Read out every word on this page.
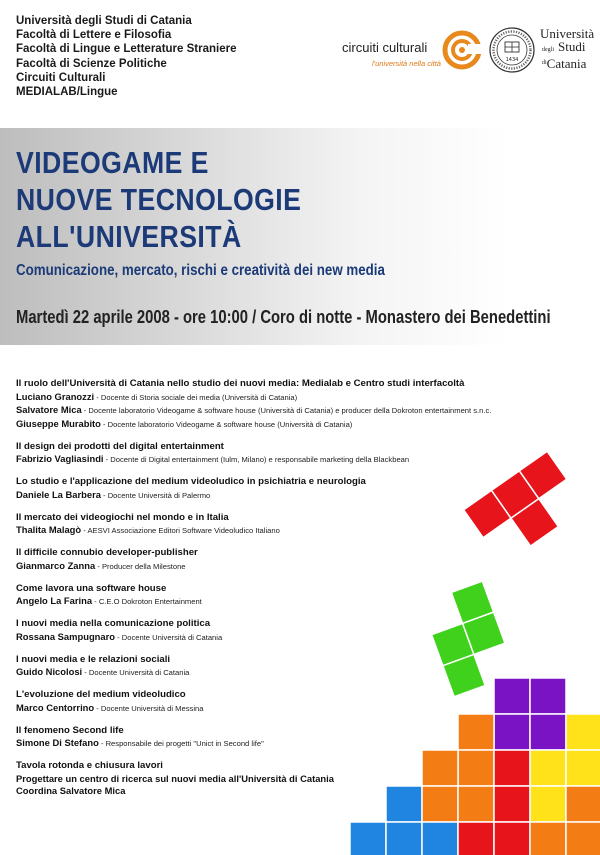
Università degli Studi di Catania
Facoltà di Lettere e Filosofia
Facoltà di Lingue e Letterature Straniere
Facoltà di Scienze Politiche
Circuiti Culturali
MEDIALAB/Lingue
circuiti culturali
l'università nella città	1434
Università
degli Studi
diCatania
VIDEOGAME E
NUOVE TECNOLOGIE
ALL'UNIVERSITÀ
Comunicazione, mercato, rischi e creatività dei new media
Martedì 22 aprile 2008 - ore 10:00 / Coro di notte - Monastero dei Benedettini
Il ruolo dell'Università di Catania nello studio dei nuovi media: Medialab e Centro studi interfacoltà
Luciano Granozzi - Docente di Storia sociale dei media (Università di Catania)
Salvatore Mica - Docente laboratorio Videogame & software house (Università di Catania) e producer della Dokroton entertainment s.n.c.
Giuseppe Murabito - Docente laboratorio Videogame & software house (Università di Catania)
Il design dei prodotti del digital entertainment
Fabrizio Vagliasindi - Docente di Digital entertainment (Iulm, Milano) e responsabile marketing della Blackbean
Lo studio e l'applicazione del medium videoludico in psichiatria e neurologia
Daniele La Barbera - Docente Università di Palermo
Il mercato dei videogiochi nel mondo e in Italia
Thalita Malagò - AESVI Associazione Editori Software Videoludico Italiano
Il difficile connubio developer-publisher
Gianmarco Zanna - Producer della Milestone
Come lavora una software house
Angelo La Farina - C.E.O Dokroton Entertainment
I nuovi media nella comunicazione politica
Rossana Sampugnaro - Docente Università di Catania
I nuovi media e le relazioni sociali
Guido Nicolosi - Docente Università di Catania
L'evoluzione del medium videoludico
Marco Centorrino - Docente Università di Messina
Il fenomeno Second life
Simone Di Stefano - Responsabile dei progetti "Unict in Second life"
Tavola rotonda e chiusura lavori
Progettare un centro di ricerca sul nuovi media all'Università di Catania
Coordina Salvatore Mica
